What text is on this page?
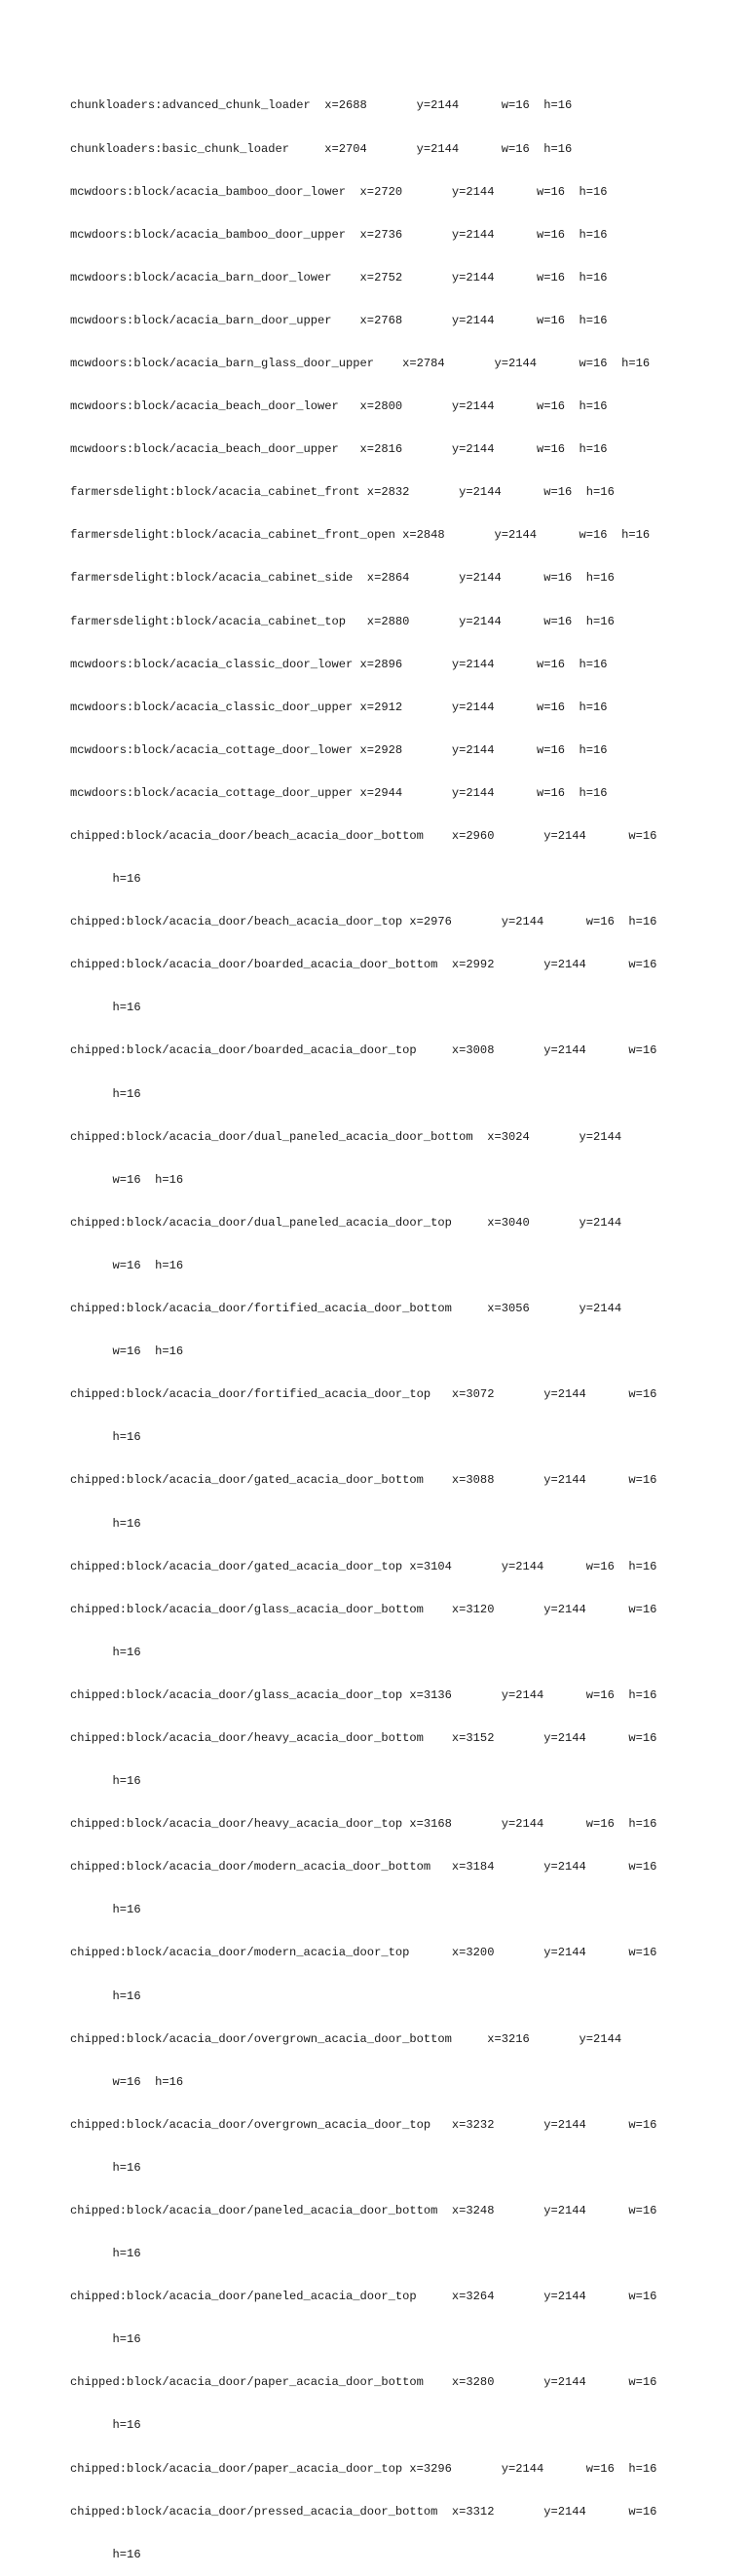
chunkloaders:advanced_chunk_loader  x=2688       y=2144      w=16  h=16

chunkloaders:basic_chunk_loader     x=2704       y=2144      w=16  h=16

mcwdoors:block/acacia_bamboo_door_lower  x=2720       y=2144      w=16  h=16

mcwdoors:block/acacia_bamboo_door_upper  x=2736       y=2144      w=16  h=16

mcwdoors:block/acacia_barn_door_lower    x=2752       y=2144      w=16  h=16

mcwdoors:block/acacia_barn_door_upper    x=2768       y=2144      w=16  h=16

mcwdoors:block/acacia_barn_glass_door_upper    x=2784       y=2144      w=16  h=16

mcwdoors:block/acacia_beach_door_lower   x=2800       y=2144      w=16  h=16

mcwdoors:block/acacia_beach_door_upper   x=2816       y=2144      w=16  h=16

farmersdelight:block/acacia_cabinet_front x=2832       y=2144      w=16  h=16

farmersdelight:block/acacia_cabinet_front_open x=2848       y=2144      w=16  h=16

farmersdelight:block/acacia_cabinet_side  x=2864       y=2144      w=16  h=16

farmersdelight:block/acacia_cabinet_top   x=2880       y=2144      w=16  h=16

mcwdoors:block/acacia_classic_door_lower x=2896       y=2144      w=16  h=16

mcwdoors:block/acacia_classic_door_upper x=2912       y=2144      w=16  h=16

mcwdoors:block/acacia_cottage_door_lower x=2928       y=2144      w=16  h=16

mcwdoors:block/acacia_cottage_door_upper x=2944       y=2144      w=16  h=16

chipped:block/acacia_door/beach_acacia_door_bottom    x=2960       y=2144      w=16

h=16

chipped:block/acacia_door/beach_acacia_door_top x=2976       y=2144      w=16  h=16

chipped:block/acacia_door/boarded_acacia_door_bottom  x=2992       y=2144      w=16

h=16

chipped:block/acacia_door/boarded_acacia_door_top     x=3008       y=2144      w=16

h=16

chipped:block/acacia_door/dual_paneled_acacia_door_bottom  x=3024       y=2144

w=16  h=16

chipped:block/acacia_door/dual_paneled_acacia_door_top     x=3040       y=2144

w=16  h=16

chipped:block/acacia_door/fortified_acacia_door_bottom     x=3056       y=2144

w=16  h=16

chipped:block/acacia_door/fortified_acacia_door_top   x=3072       y=2144      w=16

h=16

chipped:block/acacia_door/gated_acacia_door_bottom    x=3088       y=2144      w=16

h=16

chipped:block/acacia_door/gated_acacia_door_top x=3104       y=2144      w=16  h=16

chipped:block/acacia_door/glass_acacia_door_bottom    x=3120       y=2144      w=16

h=16

chipped:block/acacia_door/glass_acacia_door_top x=3136       y=2144      w=16  h=16

chipped:block/acacia_door/heavy_acacia_door_bottom    x=3152       y=2144      w=16

h=16

chipped:block/acacia_door/heavy_acacia_door_top x=3168       y=2144      w=16  h=16

chipped:block/acacia_door/modern_acacia_door_bottom   x=3184       y=2144      w=16

h=16

chipped:block/acacia_door/modern_acacia_door_top      x=3200       y=2144      w=16

h=16

chipped:block/acacia_door/overgrown_acacia_door_bottom     x=3216       y=2144

w=16  h=16

chipped:block/acacia_door/overgrown_acacia_door_top   x=3232       y=2144      w=16

h=16

chipped:block/acacia_door/paneled_acacia_door_bottom  x=3248       y=2144      w=16

h=16

chipped:block/acacia_door/paneled_acacia_door_top     x=3264       y=2144      w=16

h=16

chipped:block/acacia_door/paper_acacia_door_bottom    x=3280       y=2144      w=16

h=16

chipped:block/acacia_door/paper_acacia_door_top x=3296       y=2144      w=16  h=16

chipped:block/acacia_door/pressed_acacia_door_bottom  x=3312       y=2144      w=16

h=16
